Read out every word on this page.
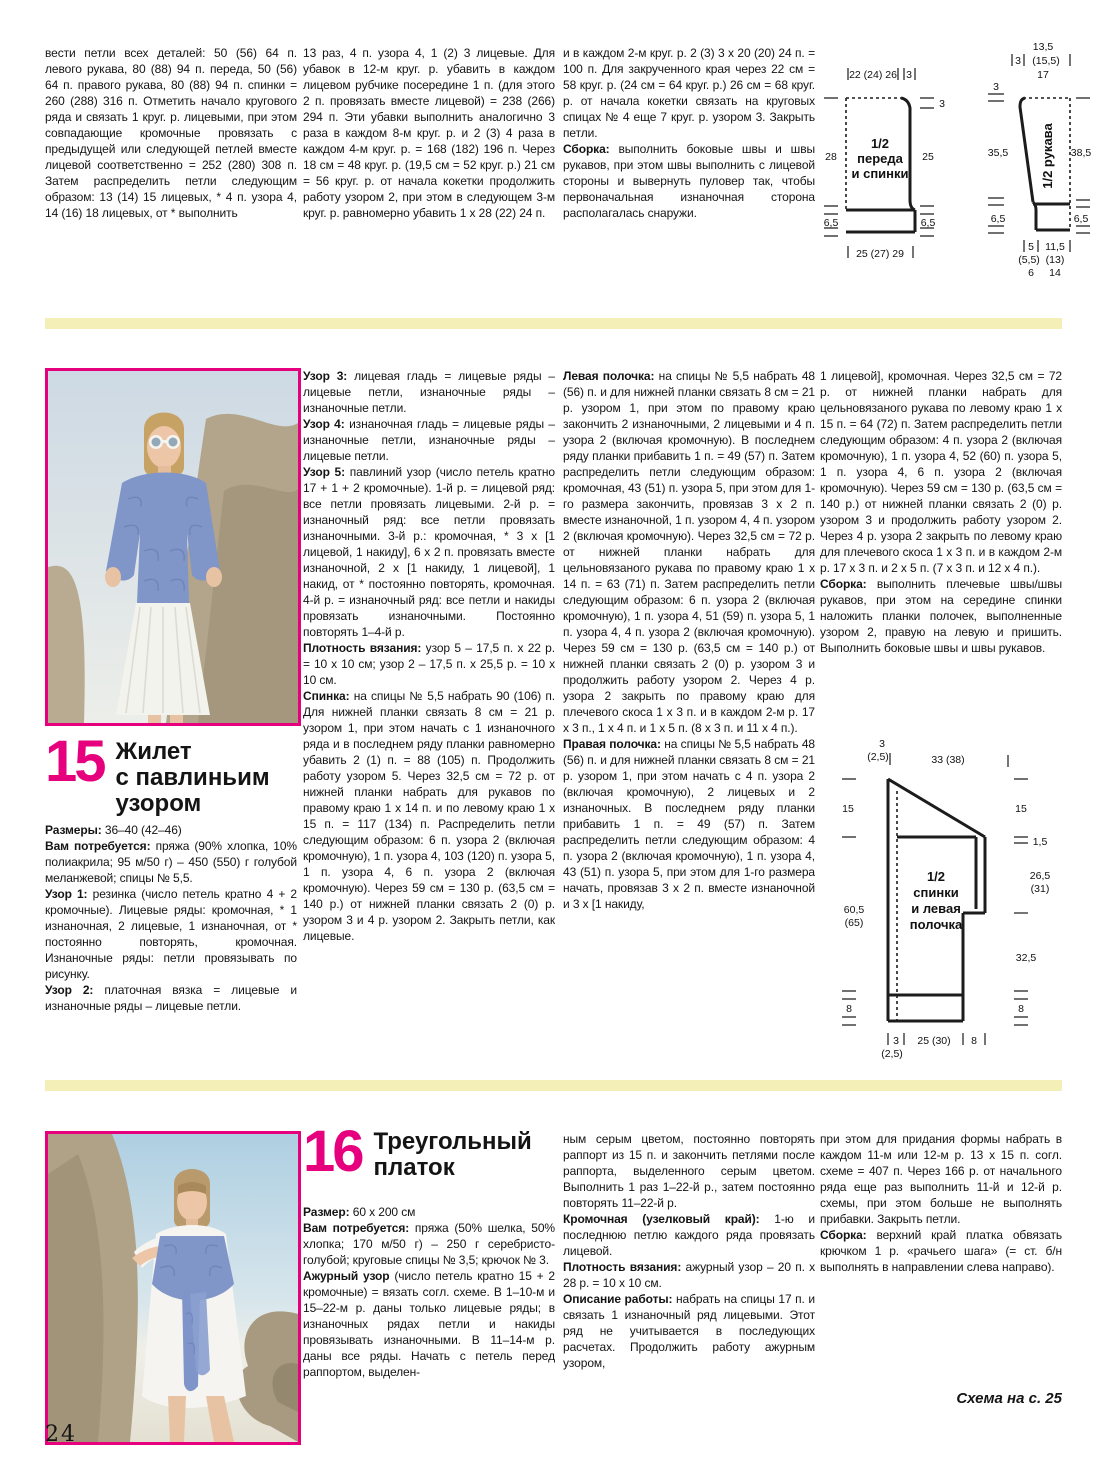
вести петли всех деталей: 50 (56) 64 п. левого рукава, 80 (88) 94 п. переда, 50 (56) 64 п. правого рукава, 80 (88) 94 п. спинки = 260 (288) 316 п. Отметить начало кругового ряда и связать 1 круг. р. лицевыми, при этом совпадающие кромочные провязать с предыдущей или следующей петлей вместе лицевой соответственно = 252 (280) 308 п. Затем распределить петли следующим образом: 13 (14) 15 лицевых, * 4 п. узора 4, 14 (16) 18 лицевых, от * выполнить

13 раз, 4 п. узора 4, 1 (2) 3 лицевые. Для убавок в 12-м круг. р. убавить в каждом лицевом рубчике посередине 1 п. (для этого 2 п. провязать вместе лицевой) = 238 (266) 294 п. Эти убавки выполнить аналогично 3 раза в каждом 8-м круг. р. и 2 (3) 4 раза в каждом 4-м круг. р. = 168 (182) 196 п. Через 18 см = 48 круг. р. (19,5 см = 52 круг. р.) 21 см = 56 круг. р. от начала кокетки продолжить работу узором 2, при этом в следующем 3-м круг. р. равномерно убавить 1 х 28 (22) 24 п.

и в каждом 2-м круг. р. 2 (3) 3 х 20 (20) 24 п. = 100 п. Для закрученного края через 22 см = 58 круг. р. (24 см = 64 круг. р.) 26 см = 68 круг. р. от начала кокетки связать на круговых спицах № 4 еще 7 круг. р. узором 3. Закрыть петли.

Сборка: выполнить боковые швы и швы рукавов, при этом швы выполнить с лицевой стороны и вывернуть пуловер так, чтобы первоначальная изнаночная сторона располагалась снаружи.

22 (24) 26 3
28	25
3
6,5	6,5
25 (27) 29
1/2
переда
и спинки
13,5
3 (15,5)
17
3
35,5	38,5
6,5	6,5
5
(5,5)
6
11,5
(13)
14
1/2 рукава
15 Жилет
с павлиньим
узором

Размеры: 36–40 (42–46)

Вам потребуется: пряжа (90% хлопка, 10% полиакрила; 95 м/50 г) – 450 (550) г голубой меланжевой; спицы № 5,5.

Узор 1: резинка (число петель кратно 4 + 2 кромочные). Лицевые ряды: кромочная, * 1 изнаночная, 2 лицевые, 1 изнаночная, от * постоянно повторять, кромочная. Изнаночные ряды: петли провязывать по рисунку.

Узор 2: платочная вязка = лицевые и изнаночные ряды – лицевые петли.

Узор 3: лицевая гладь = лицевые ряды – лицевые петли, изнаночные ряды – изнаночные петли.

Узор 4: изнаночная гладь = лицевые ряды – изнаночные петли, изнаночные ряды – лицевые петли.

Узор 5: павлиний узор (число петель кратно 17 + 1 + 2 кромочные). 1-й р. = лицевой ряд: все петли провязать лицевыми. 2-й р. = изнаночный ряд: все петли провязать изнаночными. 3-й р.: кромочная, * 3 х [1 лицевой, 1 накиду], 6 х 2 п. провязать вместе изнаночной, 2 х [1 накиду, 1 лицевой], 1 накид, от * постоянно повторять, кромочная. 4-й р. = изнаночный ряд: все петли и накиды провязать изнаночными. Постоянно повторять 1–4-й р.

Плотность вязания: узор 5 – 17,5 п. х 22 р. = 10 х 10 см; узор 2 – 17,5 п. х 25,5 р. = 10 х 10 см.

Спинка: на спицы № 5,5 набрать 90 (106) п. Для нижней планки связать 8 см = 21 р. узором 1, при этом начать с 1 изнаночного ряда и в последнем ряду планки равномерно убавить 2 (1) п. = 88 (105) п. Продолжить работу узором 5. Через 32,5 см = 72 р. от нижней планки набрать для рукавов по правому краю 1 х 14 п. и по левому краю 1 х 15 п. = 117 (134) п. Распределить петли следующим образом: 6 п. узора 2 (включая кромочную), 1 п. узора 4, 103 (120) п. узора 5, 1 п. узора 4, 6 п. узора 2 (включая кромочную). Через 59 см = 130 р. (63,5 см = 140 р.) от нижней планки связать 2 (0) р. узором 3 и 4 р. узором 2. Закрыть петли, как лицевые.

Левая полочка: на спицы № 5,5 набрать 48 (56) п. и для нижней планки связать 8 см = 21 р. узором 1, при этом по правому краю закончить 2 изнаночными, 2 лицевыми и 4 п. узора 2 (включая кромочную). В последнем ряду планки прибавить 1 п. = 49 (57) п. Затем распределить петли следующим образом: кромочная, 43 (51) п. узора 5, при этом для 1-го размера закончить, провязав 3 х 2 п. вместе изнаночной, 1 п. узором 4, 4 п. узором 2 (включая кромочную). Через 32,5 см = 72 р. от нижней планки набрать для цельновязаного рукава по правому краю 1 х 14 п. = 63 (71) п. Затем распределить петли следующим образом: 6 п. узора 2 (включая кромочную), 1 п. узора 4, 51 (59) п. узора 5, 1 п. узора 4, 4 п. узора 2 (включая кромочную). Через 59 см = 130 р. (63,5 см = 140 р.) от нижней планки связать 2 (0) р. узором 3 и продолжить работу узором 2. Через 4 р. узора 2 закрыть по правому краю для плечевого скоса 1 х 3 п. и в каждом 2-м р. 17 х 3 п., 1 х 4 п. и 1 х 5 п. (8 х 3 п. и 11 х 4 п.).

Правая полочка: на спицы № 5,5 набрать 48 (56) п. и для нижней планки связать 8 см = 21 р. узором 1, при этом начать с 4 п. узора 2 (включая кромочную), 2 лицевых и 2 изнаночных. В последнем ряду планки прибавить 1 п. = 49 (57) п. Затем распределить петли следующим образом: 4 п. узора 2 (включая кромочную), 1 п. узора 4, 43 (51) п. узора 5, при этом для 1-го размера начать, провязав 3 х 2 п. вместе изнаночной и 3 х [1 накиду,

1 лицевой], кромочная. Через 32,5 см = 72 р. от нижней планки набрать для цельновязаного рукава по левому краю 1 х 15 п. = 64 (72) п. Затем распределить петли следующим образом: 4 п. узора 2 (включая кромочную), 1 п. узора 4, 52 (60) п. узора 5, 1 п. узора 4, 6 п. узора 2 (включая кромочную). Через 59 см = 130 р. (63,5 см = 140 р.) от нижней планки связать 2 (0) р. узором 3 и продолжить работу узором 2. Через 4 р. узора 2 закрыть по левому краю для плечевого скоса 1 х 3 п. и в каждом 2-м р. 17 х 3 п. и 2 х 5 п. (7 х 3 п. и 12 х 4 п.).

Сборка: выполнить плечевые швы/швы рукавов, при этом на середине спинки наложить планки полочек, выполненные узором 2, правую на левую и пришить. Выполнить боковые швы и швы рукавов.

3
(2,5)	33 (38)
15	15
1,5
26,5
(31)
60,5
(65)
32,5
8	8
3
(2,5)
25 (30) 8
1/2
спинки
и левая
полочка
16 Треугольный
платок

Размер: 60 х 200 см

Вам потребуется: пряжа (50% шелка, 50% хлопка; 170 м/50 г) – 250 г серебристо-голубой; круговые спицы № 3,5; крючок № 3.

Ажурный узор (число петель кратно 15 + 2 кромочные) = вязать согл. схеме. В 1–10-м и 15–22-м р. даны только лицевые ряды; в изнаночных рядах петли и накиды провязывать изнаночными. В 11–14-м р. даны все ряды. Начать с петель перед раппортом, выделен-

ным серым цветом, постоянно повторять раппорт из 15 п. и закончить петлями после раппорта, выделенного серым цветом. Выполнить 1 раз 1–22-й р., затем постоянно повторять 11–22-й р.

Кромочная (узелковый край): 1-ю и последнюю петлю каждого ряда провязать лицевой.

Плотность вязания: ажурный узор – 20 п. х 28 р. = 10 х 10 см.

Описание работы: набрать на спицы 17 п. и связать 1 изнаночный ряд лицевыми. Этот ряд не учитывается в последующих расчетах. Продолжить работу ажурным узором,

при этом для придания формы набрать в каждом 11-м или 12-м р. 13 х 15 п. согл. схеме = 407 п. Через 166 р. от начального ряда еще раз выполнить 11-й и 12-й р. схемы, при этом больше не выполнять прибавки. Закрыть петли.

Сборка: верхний край платка обвязать крючком 1 р. «рачьего шага» (= ст. б/н выполнять в направлении слева направо).

Схема на с. 25
24
